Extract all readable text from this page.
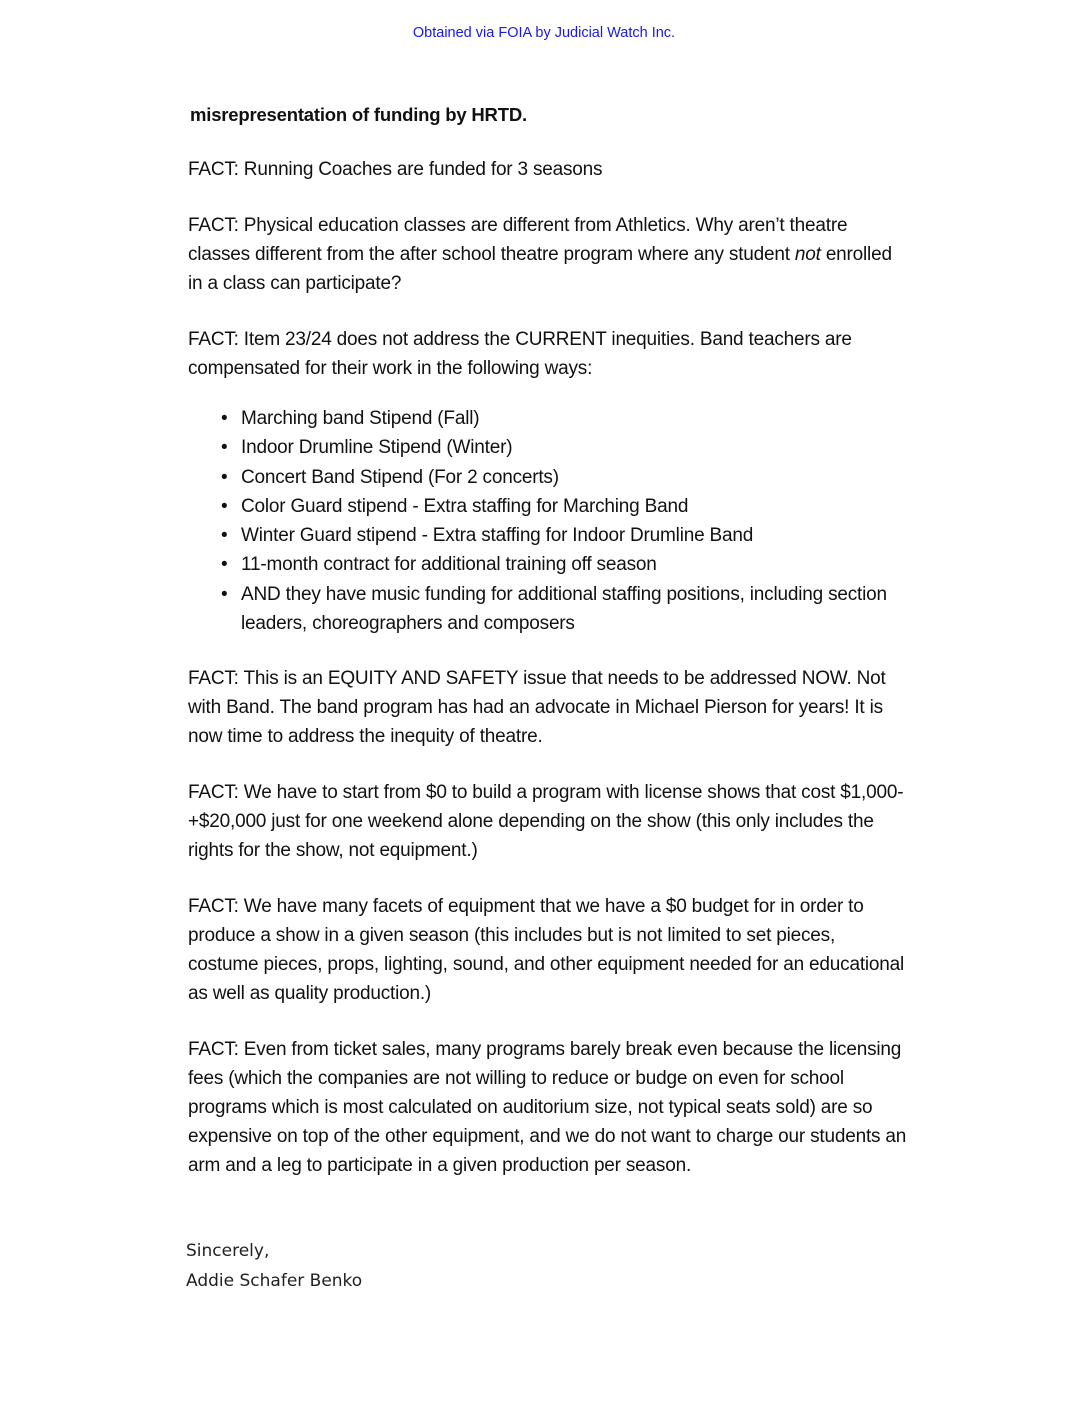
Obtained via FOIA by Judicial Watch Inc.
misrepresentation of funding by HRTD.

FACT: Running Coaches are funded for 3 seasons

FACT: Physical education classes are different from Athletics. Why aren’t theatre classes different from the after school theatre program where any student not enrolled in a class can participate?

FACT: Item 23/24 does not address the CURRENT inequities. Band teachers are compensated for their work in the following ways:

• Marching band Stipend (Fall)
• Indoor Drumline Stipend (Winter)
• Concert Band Stipend (For 2 concerts)
• Color Guard stipend - Extra staffing for Marching Band
• Winter Guard stipend - Extra staffing for Indoor Drumline Band
• 11-month contract for additional training off season
• AND they have music funding for additional staffing positions, including section leaders, choreographers and composers

FACT: This is an EQUITY AND SAFETY issue that needs to be addressed NOW. Not with Band. The band program has had an advocate in Michael Pierson for years! It is now time to address the inequity of theatre.

FACT: We have to start from $0 to build a program with license shows that cost $1,000-+$20,000 just for one weekend alone depending on the show (this only includes the rights for the show, not equipment.)

FACT: We have many facets of equipment that we have a $0 budget for in order to produce a show in a given season (this includes but is not limited to set pieces, costume pieces, props, lighting, sound, and other equipment needed for an educational as well as quality production.)

FACT: Even from ticket sales, many programs barely break even because the licensing fees (which the companies are not willing to reduce or budge on even for school programs which is most calculated on auditorium size, not typical seats sold) are so expensive on top of the other equipment, and we do not want to charge our students an arm and a leg to participate in a given production per season.

Sincerely,
Addie Schafer Benko
